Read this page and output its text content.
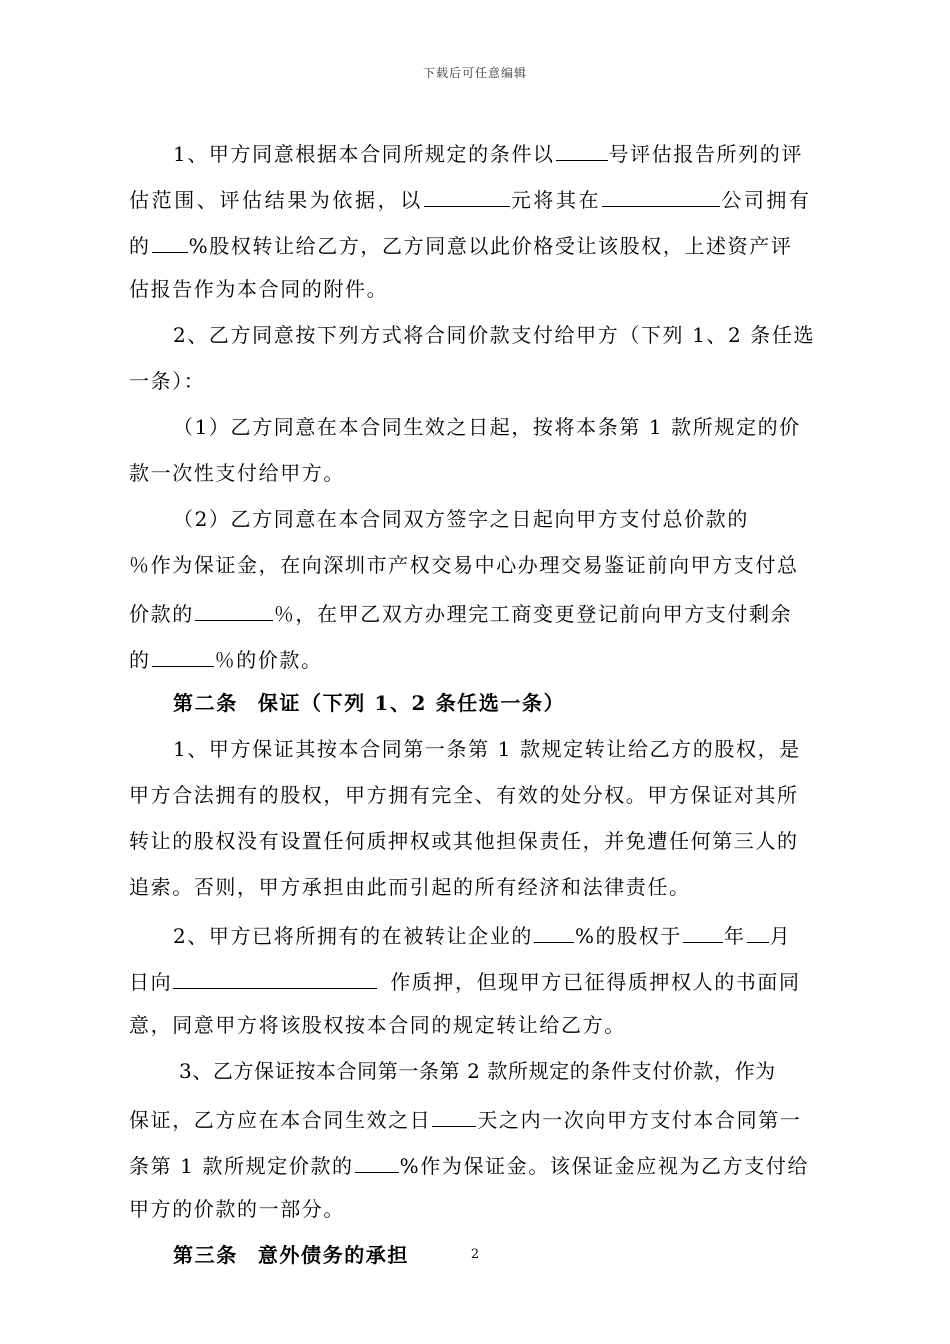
下载后可任意编辑
1、甲方同意根据本合同所规定的条件以	号评估报告所列的评
估范围、评估结果为依据，以	元将其在	公司拥有
的 %股权转让给乙方，乙方同意以此价格受让该股权，上述资产评
估报告作为本合同的附件。
2、乙方同意按下列方式将合同价款支付给甲方（下列 1、2 条任选
一条）：
（1）乙方同意在本合同生效之日起，按将本条第 1 款所规定的价
款一次性支付给甲方。
（2）乙方同意在本合同双方签字之日起向甲方支付总价款的
％作为保证金，在向深圳市产权交易中心办理交易鉴证前向甲方支付总
价款的	％，在甲乙双方办理完工商变更登记前向甲方支付剩余
的	％的价款。
第二条 保证（下列 1、2 条任选一条）
1、甲方保证其按本合同第一条第 1 款规定转让给乙方的股权，是
甲方合法拥有的股权，甲方拥有完全、有效的处分权。甲方保证对其所
转让的股权没有设置任何质押权或其他担保责任，并免遭任何第三人的
追索。否则，甲方承担由此而引起的所有经济和法律责任。
2、甲方已将所拥有的在被转让企业的 %的股权于 年 月
日向	作质押，但现甲方已征得质押权人的书面同
意，同意甲方将该股权按本合同的规定转让给乙方。
3、乙方保证按本合同第一条第 2 款所规定的条件支付价款，作为
保证，乙方应在本合同生效之日 天之内一次向甲方支付本合同第一
条第 1 款所规定价款的 %作为保证金。该保证金应视为乙方支付给
甲方的价款的一部分。
第三条 意外债务的承担	2
